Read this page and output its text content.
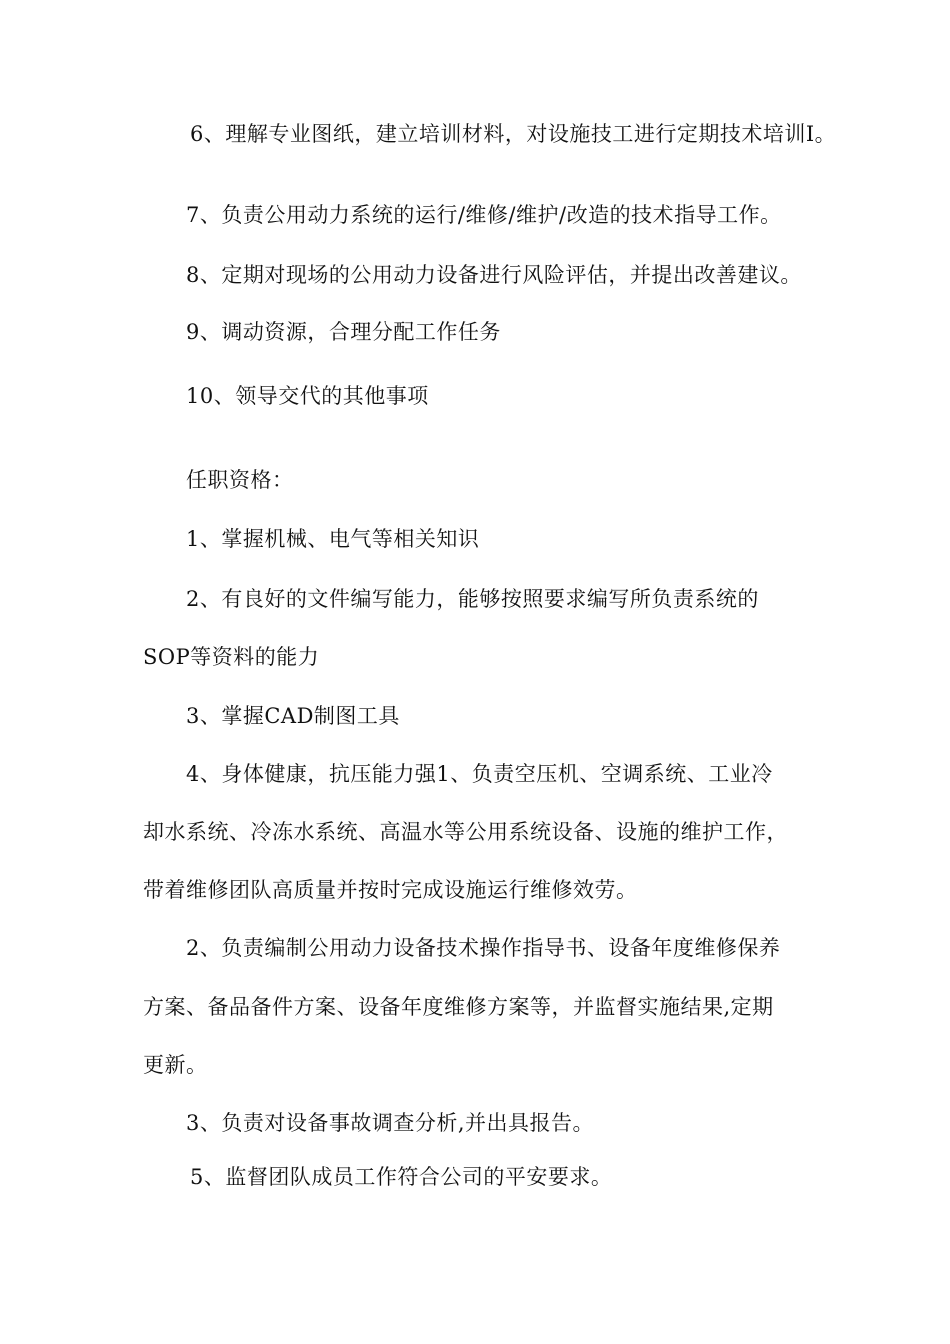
6、理解专业图纸，建立培训材料，对设施技工进行定期技术培训I。
7、负责公用动力系统的运行/维修/维护/改造的技术指导工作。
8、定期对现场的公用动力设备进行风险评估，并提出改善建议。
9、调动资源，合理分配工作任务
10、领导交代的其他事项
任职资格：
1、掌握机械、电气等相关知识
2、有良好的文件编写能力，能够按照要求编写所负责系统的
SOP等资料的能力
3、掌握CAD制图工具
4、身体健康，抗压能力强1、负责空压机、空调系统、工业冷
却水系统、冷冻水系统、高温水等公用系统设备、设施的维护工作，
带着维修团队高质量并按时完成设施运行维修效劳。
2、负责编制公用动力设备技术操作指导书、设备年度维修保养
方案、备品备件方案、设备年度维修方案等，并监督实施结果,定期
更新。
3、负责对设备事故调查分析,并出具报告。
5、监督团队成员工作符合公司的平安要求。
